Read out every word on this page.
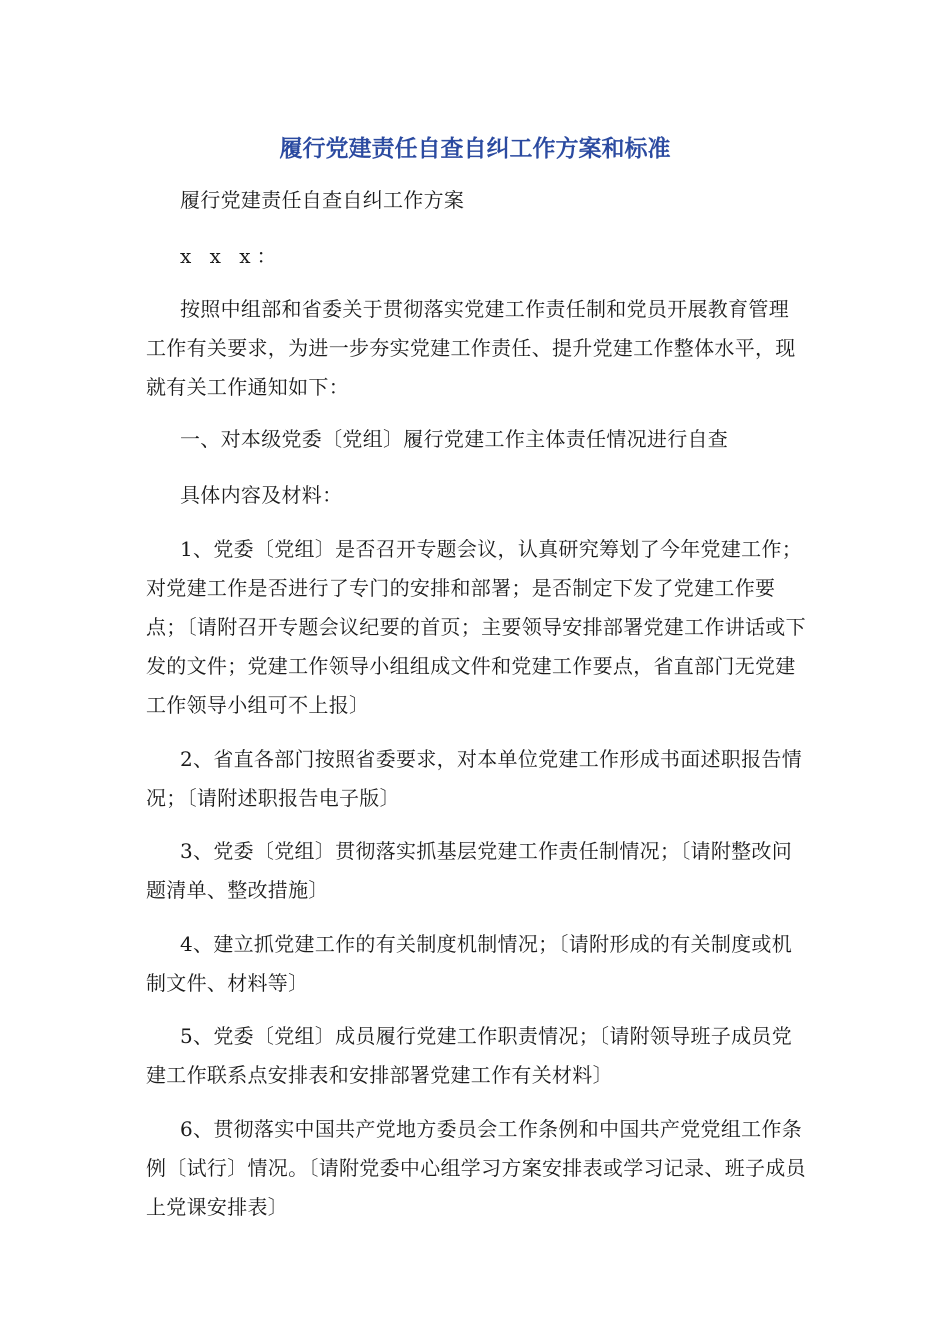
履行党建责任自查自纠工作方案和标准

履行党建责任自查自纠工作方案

x x x：

按照中组部和省委关于贯彻落实党建工作责任制和党员开展教育管理工作有关要求，为进一步夯实党建工作责任、提升党建工作整体水平，现就有关工作通知如下：

一、对本级党委〔党组〕履行党建工作主体责任情况进行自查

具体内容及材料：

1、党委〔党组〕是否召开专题会议，认真研究筹划了今年党建工作；对党建工作是否进行了专门的安排和部署；是否制定下发了党建工作要点；〔请附召开专题会议纪要的首页；主要领导安排部署党建工作讲话或下发的文件；党建工作领导小组组成文件和党建工作要点，省直部门无党建工作领导小组可不上报〕

2、省直各部门按照省委要求，对本单位党建工作形成书面述职报告情况；〔请附述职报告电子版〕

3、党委〔党组〕贯彻落实抓基层党建工作责任制情况；〔请附整改问题清单、整改措施〕

4、建立抓党建工作的有关制度机制情况；〔请附形成的有关制度或机制文件、材料等〕

5、党委〔党组〕成员履行党建工作职责情况；〔请附领导班子成员党建工作联系点安排表和安排部署党建工作有关材料〕

6、贯彻落实中国共产党地方委员会工作条例和中国共产党党组工作条例〔试行〕情况。〔请附党委中心组学习方案安排表或学习记录、班子成员上党课安排表〕
